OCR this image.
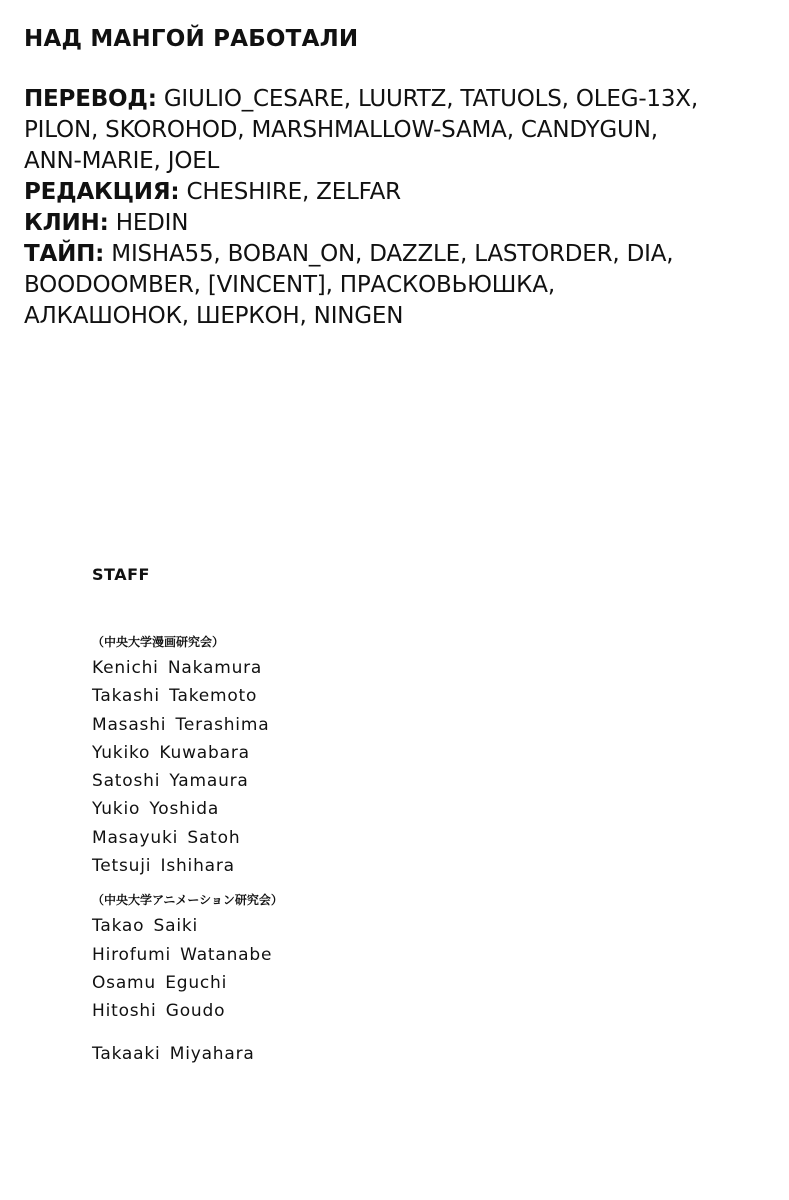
НАД МАНГОЙ РАБОТАЛИ

ПЕРЕВОД: GIULIO_CESARE, LUURTZ, TATUOLS, OLEG-13X,

PILON, SKOROHOD, MARSHMALLOW-SAMA, CANDYGUN,

ANN-MARIE, JOEL

РЕДАКЦИЯ: CHESHIRE, ZELFAR

КЛИН: HEDIN

ТАЙП: MISHA55, BOBAN_ON, DAZZLE, LASTORDER, DIA,

BOODOOMBER, [VINCENT], ПРАСКОВЬЮШКА,

АЛКАШОНОК, ШЕРКОН, NINGEN

STAFF
（中央大学漫画研究会）

Kenichi Nakamura

Takashi Takemoto

Masashi Terashima

Yukiko Kuwabara

Satoshi Yamaura

Yukio Yoshida

Masayuki Satoh

Tetsuji Ishihara

（中央大学アニメーション研究会）

Takao Saiki

Hirofumi Watanabe

Osamu Eguchi

Hitoshi Goudo

Takaaki Miyahara
